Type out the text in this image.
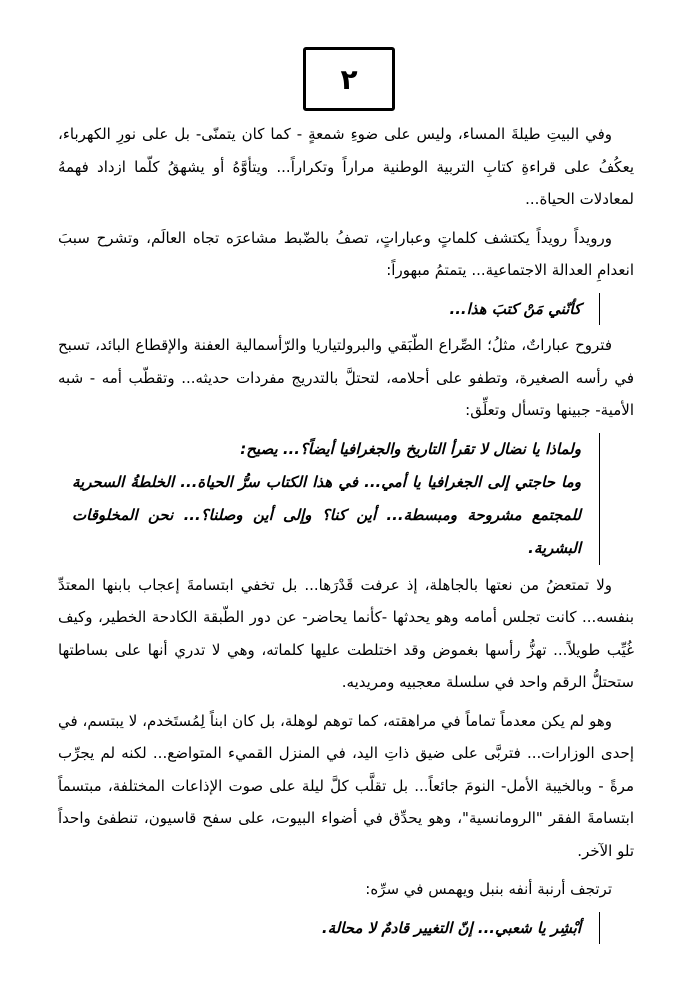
٢

وفي البيتِ طيلةَ المساء، وليس على ضوءِ شمعةٍ - كما كان يتمنّى- بل على نورِ الكهرباء، يعكُفُ على قراءةِ كتابِ التربية الوطنية مراراً وتكراراً... ويتأوَّهُ أو يشهقُ كلّما ازداد فهمهُ لمعادلات الحياة...

ورويداً رويداً يكتشف كلماتٍ وعباراتٍ، تصفُ بالضّبط مشاعرَه تجاه العالَم، وتشرح سببَ انعدامِ العدالة الاجتماعية... يتمتمُ مبهوراً:

كأنّني مَنْ كتبَ هذا...

فتروح عباراتٌ، مثلُ؛ الصِّراع الطّبَقي والبرولتياريا والرّأسمالية العفنة والإقطاع البائد، تسبح في رأسه الصغيرة، وتطفو على أحلامه، لتحتلَّ بالتدريج مفردات حديثه... وتقطّب أمه - شبه الأمية- جبينها وتسأل وتعلِّق:

ولماذا يا نضال لا تقرأ التاريخ والجغرافيا أيضاً؟... يصيح:

وما حاجتي إلى الجغرافيا يا أمي... في هذا الكتاب سرُّ الحياة... الخلطةُ السحرية للمجتمع مشروحة ومبسطة... أين كنا؟ وإلى أين وصلنا؟... نحن المخلوقات البشرية.

ولا تمتعضُ من نعتها بالجاهلة، إذ عرفت قَدْرَها... بل تخفي ابتسامةَ إعجاب بابنها المعتدِّ بنفسه... كانت تجلس أمامه وهو يحدثها -كأنما يحاضر- عن دور الطّبقة الكادحة الخطير، وكيف غُيِّب طويلاً... تهزُّ رأسها بغموض وقد اختلطت عليها كلماته، وهي لا تدري أنها على بساطتها ستحتلُّ الرقم واحد في سلسلة معجبيه ومريديه.

وهو لم يكن معدماً تماماً في مراهقته، كما توهم لوهلة، بل كان ابناً لِمُستَخدم، لا يبتسم، في إحدى الوزارات... فتربَّى على ضيق ذاتِ اليد، في المنزل القميء المتواضع... لكنه لم يجرِّب مرةً - وبالخيبة الأمل- النومَ جائعاً... بل تقلَّب كلَّ ليلة على صوت الإذاعات المختلفة، مبتسماً ابتسامةَ الفقر "الرومانسية"، وهو يحدِّق في أضواء البيوت، على سفح قاسيون، تنطفئ واحداً تلو الآخر.

ترتجف أرنبة أنفه بنبل ويهمس في سرِّه:

أبْشِر يا شعبي... إنّ التغيير قادمٌ لا محالة.
